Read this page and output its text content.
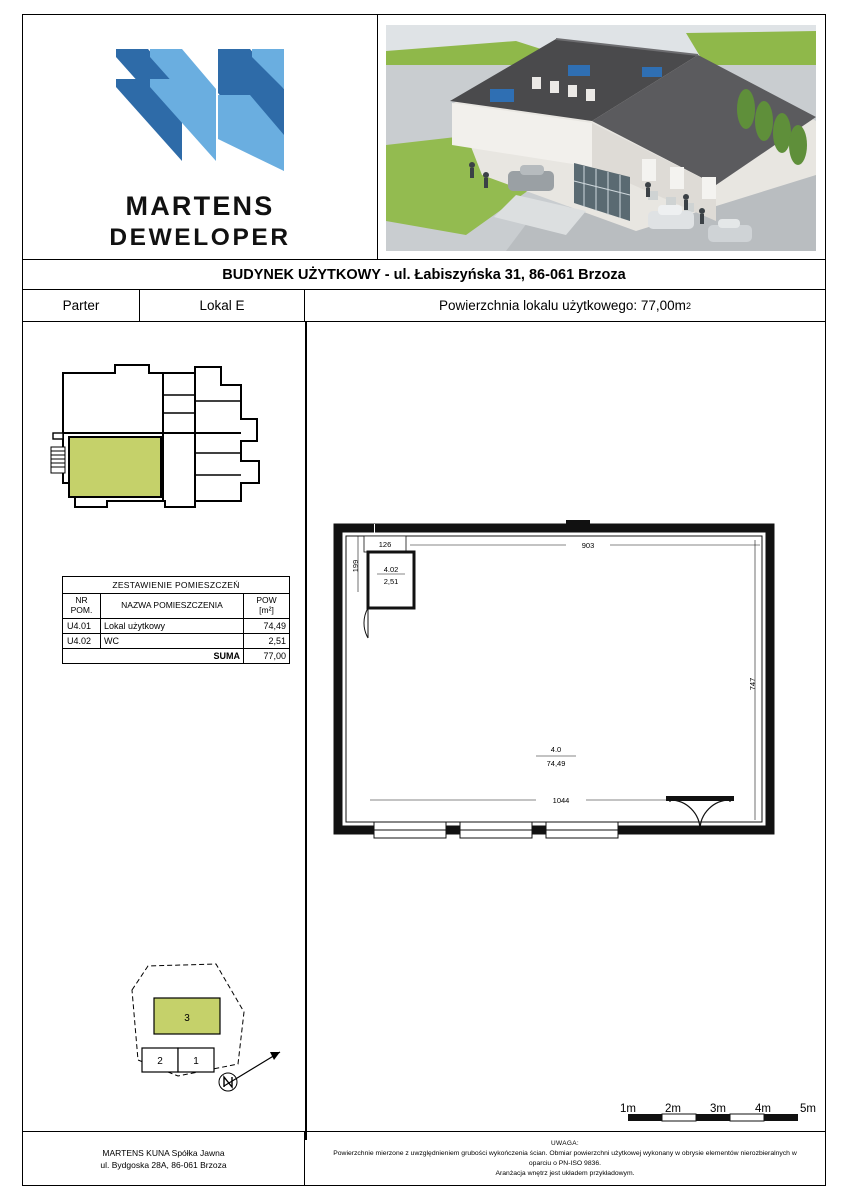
MARTENS
DEWELOPER
BUDYNEK UŻYTKOWY - ul. Łabiszyńska 31, 86-061 Brzoza
Parter	Lokal E	Powierzchnia lokalu użytkowego: 77,00m 2
ZESTAWIENIE POMIESZCZEŃ		
NR
POM.	NAZWA POMIESZCZENIA	POW
[m²]
U4.01	Lokal użytkowy	74,49
U4.02	WC	2,51
SUMA		77,00
3
2	1
126	903
199	4.02
2,51
4.0
74,49
747
1044
1m	2m	3m	4m	5m
MARTENS KUNA Spółka Jawna
ul. Bydgoska 28A, 86-061 Brzoza
UWAGA:
Powierzchnie mierzone z uwzględnieniem grubości wykończenia ścian. Obmiar powierzchni użytkowej wykonany w obrysie elementów nierozbieralnych w
oparciu o PN-ISO 9836.
Aranżacja wnętrz jest układem przykładowym.
